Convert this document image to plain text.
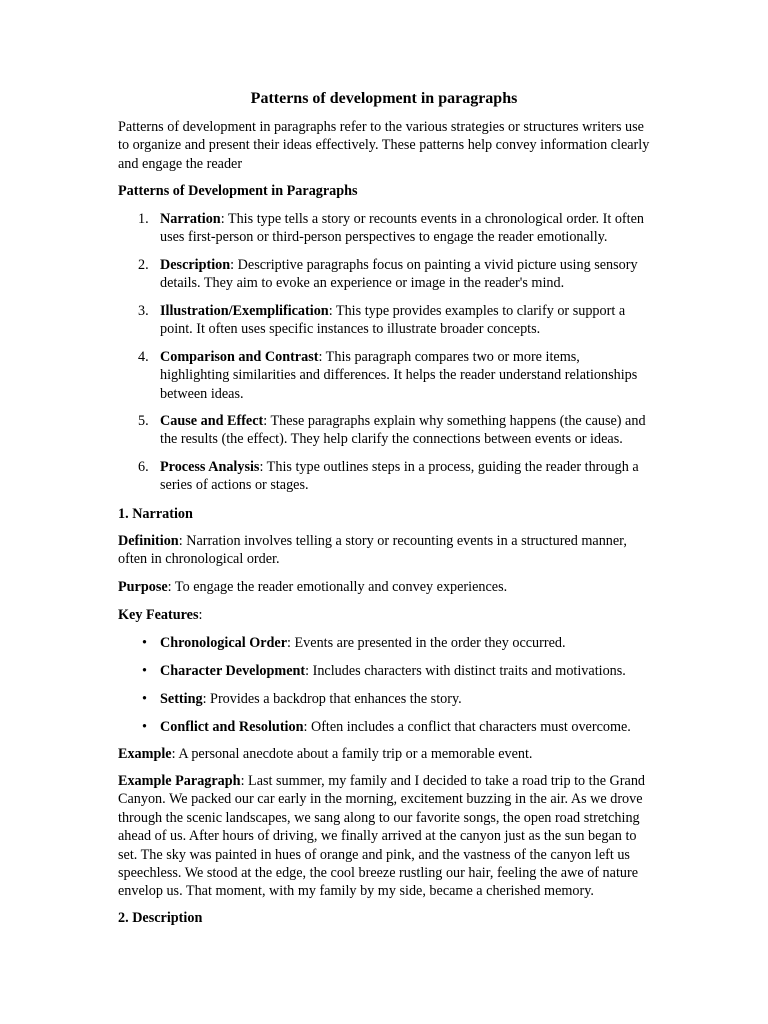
Patterns of development in paragraphs
Patterns of development in paragraphs refer to the various strategies or structures writers use to organize and present their ideas effectively. These patterns help convey information clearly and engage the reader
Patterns of Development in Paragraphs
1. Narration: This type tells a story or recounts events in a chronological order. It often uses first-person or third-person perspectives to engage the reader emotionally.
2. Description: Descriptive paragraphs focus on painting a vivid picture using sensory details. They aim to evoke an experience or image in the reader's mind.
3. Illustration/Exemplification: This type provides examples to clarify or support a point. It often uses specific instances to illustrate broader concepts.
4. Comparison and Contrast: This paragraph compares two or more items, highlighting similarities and differences. It helps the reader understand relationships between ideas.
5. Cause and Effect: These paragraphs explain why something happens (the cause) and the results (the effect). They help clarify the connections between events or ideas.
6. Process Analysis: This type outlines steps in a process, guiding the reader through a series of actions or stages.
1. Narration
Definition: Narration involves telling a story or recounting events in a structured manner, often in chronological order.
Purpose: To engage the reader emotionally and convey experiences.
Key Features:
• Chronological Order: Events are presented in the order they occurred.
• Character Development: Includes characters with distinct traits and motivations.
• Setting: Provides a backdrop that enhances the story.
• Conflict and Resolution: Often includes a conflict that characters must overcome.
Example: A personal anecdote about a family trip or a memorable event.
Example Paragraph: Last summer, my family and I decided to take a road trip to the Grand Canyon. We packed our car early in the morning, excitement buzzing in the air. As we drove through the scenic landscapes, we sang along to our favorite songs, the open road stretching ahead of us. After hours of driving, we finally arrived at the canyon just as the sun began to set. The sky was painted in hues of orange and pink, and the vastness of the canyon left us speechless. We stood at the edge, the cool breeze rustling our hair, feeling the awe of nature envelop us. That moment, with my family by my side, became a cherished memory.
2. Description
